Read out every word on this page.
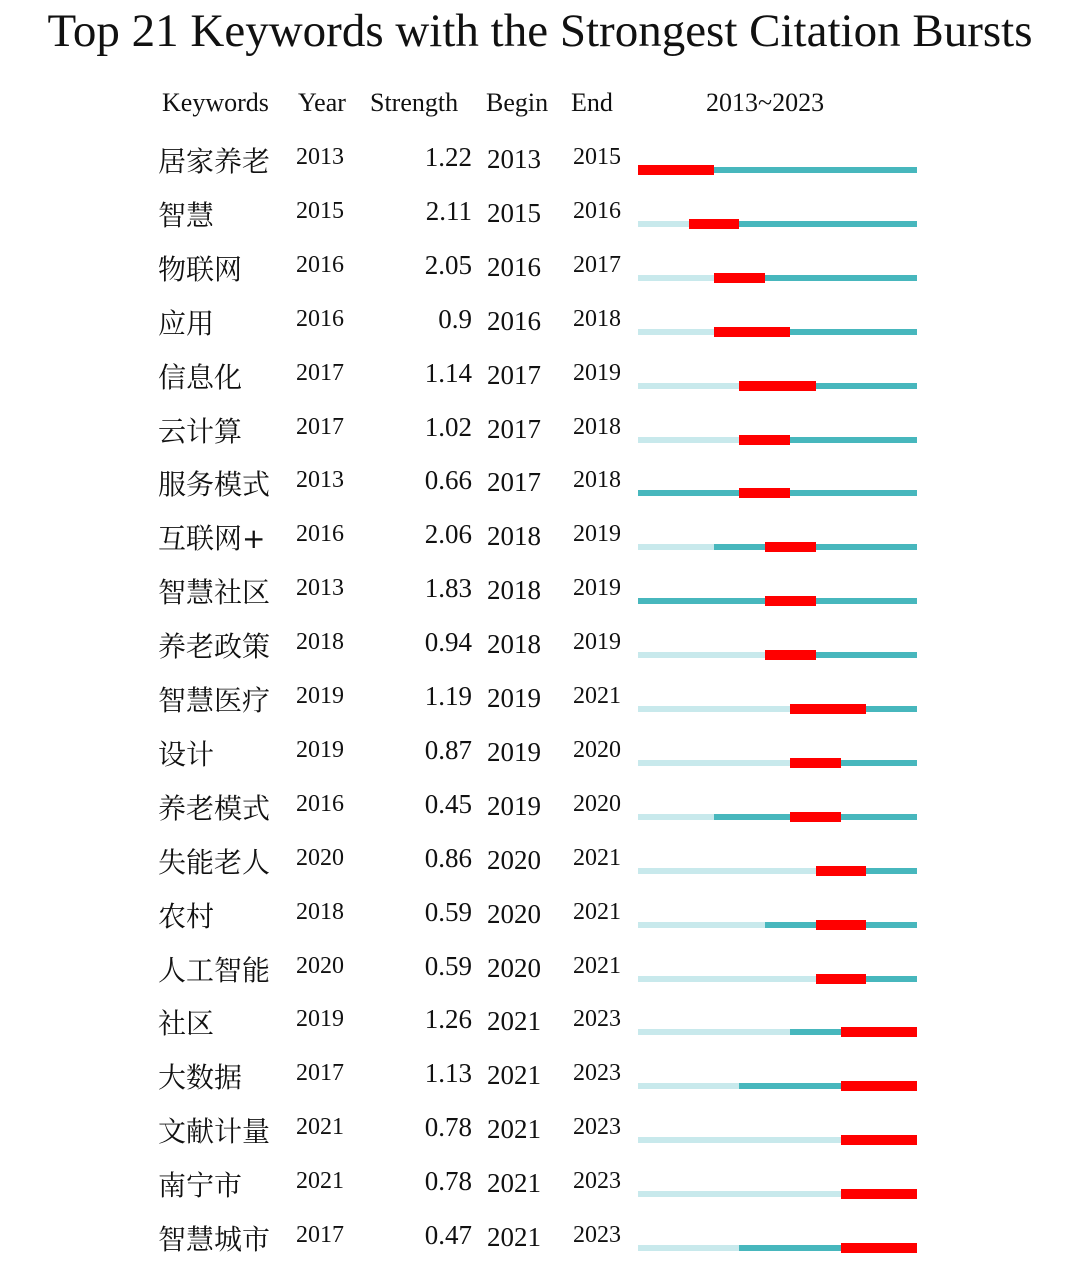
Top 21 Keywords with the Strongest Citation Bursts
Keywords Year Strength Begin End	2013~2023
居家养老 2013	1.22 2013 2015
智慧	2015	2.11 2015 2016
物联网 2016	2.05 2016 2017
应用	2016	0.9 2016 2018
信息化 2017	1.14 2017 2019
云计算 2017	1.02 2017 2018
服务模式 2013	0.66 2017 2018
互联网+ 2016	2.06 2018 2019
智慧社区 2013	1.83 2018 2019
养老政策 2018	0.94 2018 2019
智慧医疗 2019	1.19 2019 2021
设计	2019	0.87 2019 2020
养老模式 2016	0.45 2019 2020
失能老人 2020	0.86 2020 2021
农村	2018	0.59 2020 2021
人工智能 2020	0.59 2020 2021
社区	2019	1.26 2021 2023
大数据 2017	1.13 2021 2023
文献计量 2021	0.78 2021 2023
南宁市 2021	0.78 2021 2023
智慧城市 2017	0.47 2021 2023
